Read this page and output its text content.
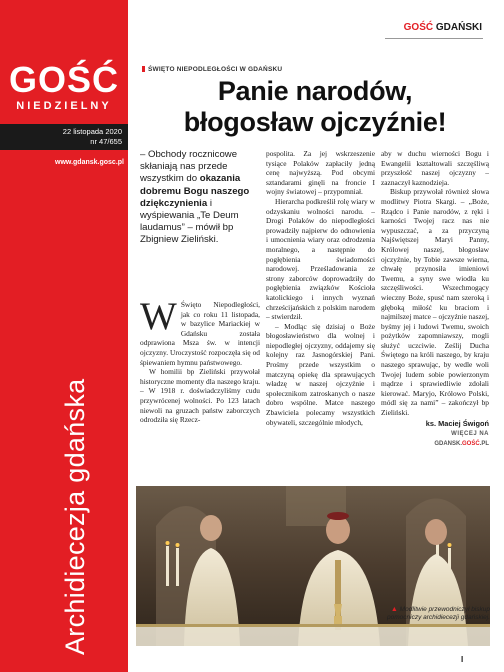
GOŚĆ
NIEDZIELNY
22 listopada 2020
nr 47/655
www.gdansk.gosc.pl
Archidiecezja gdańska
GOŚĆ GDAŃSKI
ŚWIĘTO NIEPODLEGŁOŚCI W GDAŃSKU
Panie narodów,
błogosław ojczyźnie!
– Obchody rocznicowe skłaniają nas przede wszystkim do okazania dobremu Bogu naszego dziękczynienia i wyśpiewania „Te Deum laudamus” – mówił bp Zbigniew Zieliński.

W Święto Niepodległości, jak co roku 11 listopada, w bazylice Mariackiej w Gdańsku została odprawiona Msza św. w intencji ojczyzny. Uroczystość rozpoczęła się od śpiewaniem hymnu państwowego.

W homilii bp Zieliński przywołał historyczne momenty dla naszego kraju. – W 1918 r. doświadczyliśmy cudu przywrócenej wolności. Po 123 latach niewoli na gruzach państw zaborczych odrodziła się Rzecz-

pospolita. Za jej wskrzeszenie tysiące Polaków zapłaciły jedną cenę najwyższą. Pod obcymi sztandarami ginęli na froncie I wojny światowej – przypomniał.

Hierarcha podkreślił rolę wiary w odzyskaniu wolności narodu. – Drogi Polaków do niepodległości prowadziły najpierw do odnowienia i umocnienia wiary oraz odrodzenia moralnego, a następnie do pogłębienia świadomości narodowej. Prześladowania ze strony zaborców doprowadziły do pogłębienia związków Kościoła katolickiego i innych wyznań chrześcijańskich z polskim narodem – stwierdził.

– Modląc się dzisiaj o Boże błogosławieństwo dla wolnej i niepodległej ojczyzny, oddajemy się kolejny raz Jasnogórskiej Pani. Prośmy przede wszystkim o matczyną opiekę dla sprawujących władzę w naszej ojczyźnie i społecznikom zatroskanych o nasze dobro wspólne. Matce naszego Zbawiciela polecamy wszystkich obywateli, szczególnie młodych,

aby w duchu wierności Bogu i Ewangelii kształtowali szczęśliwą przyszłość naszej ojczyzny – zaznaczył kaznodzieja.

Biskup przywołał również słowa modlitwy Piotra Skargi. – „Boże, Rządco i Panie narodów, z ręki i karności Twojej racz nas nie wypuszczać, a za przyczyną Najświętszej Maryi Panny, Królowej naszej, błogosław ojczyźnie, by Tobie zawsze wierna, chwałę przynosiła imieniowi Twemu, a syny swe wiodła ku szczęśliwości. Wszechmogący wieczny Boże, spusć nam szeroką i głęboką miłość ku braciom i najmilszej matce – ojczyźnie naszej, byśmy jej i ludowi Twemu, swoich pożytków zapomniawszy, mogli służyć uczciwie. Ześlij Ducha Świętego na króli naszego, by kraju naszego sprawując, by wedle woli Twojej ludem sobie powierzonym mądrze i sprawiedliwie zdołali kierować. Maryjo, Królowo Polski, módl się za nami” – zakończył bp Zieliński.

ks. Maciej Świgoń
WIĘCEJ NA
GDANSK.GOŚĆ.PL
▲ Modlitwie przewodniczył biskup pomocniczy archidiecezji gdańskiej.
I
